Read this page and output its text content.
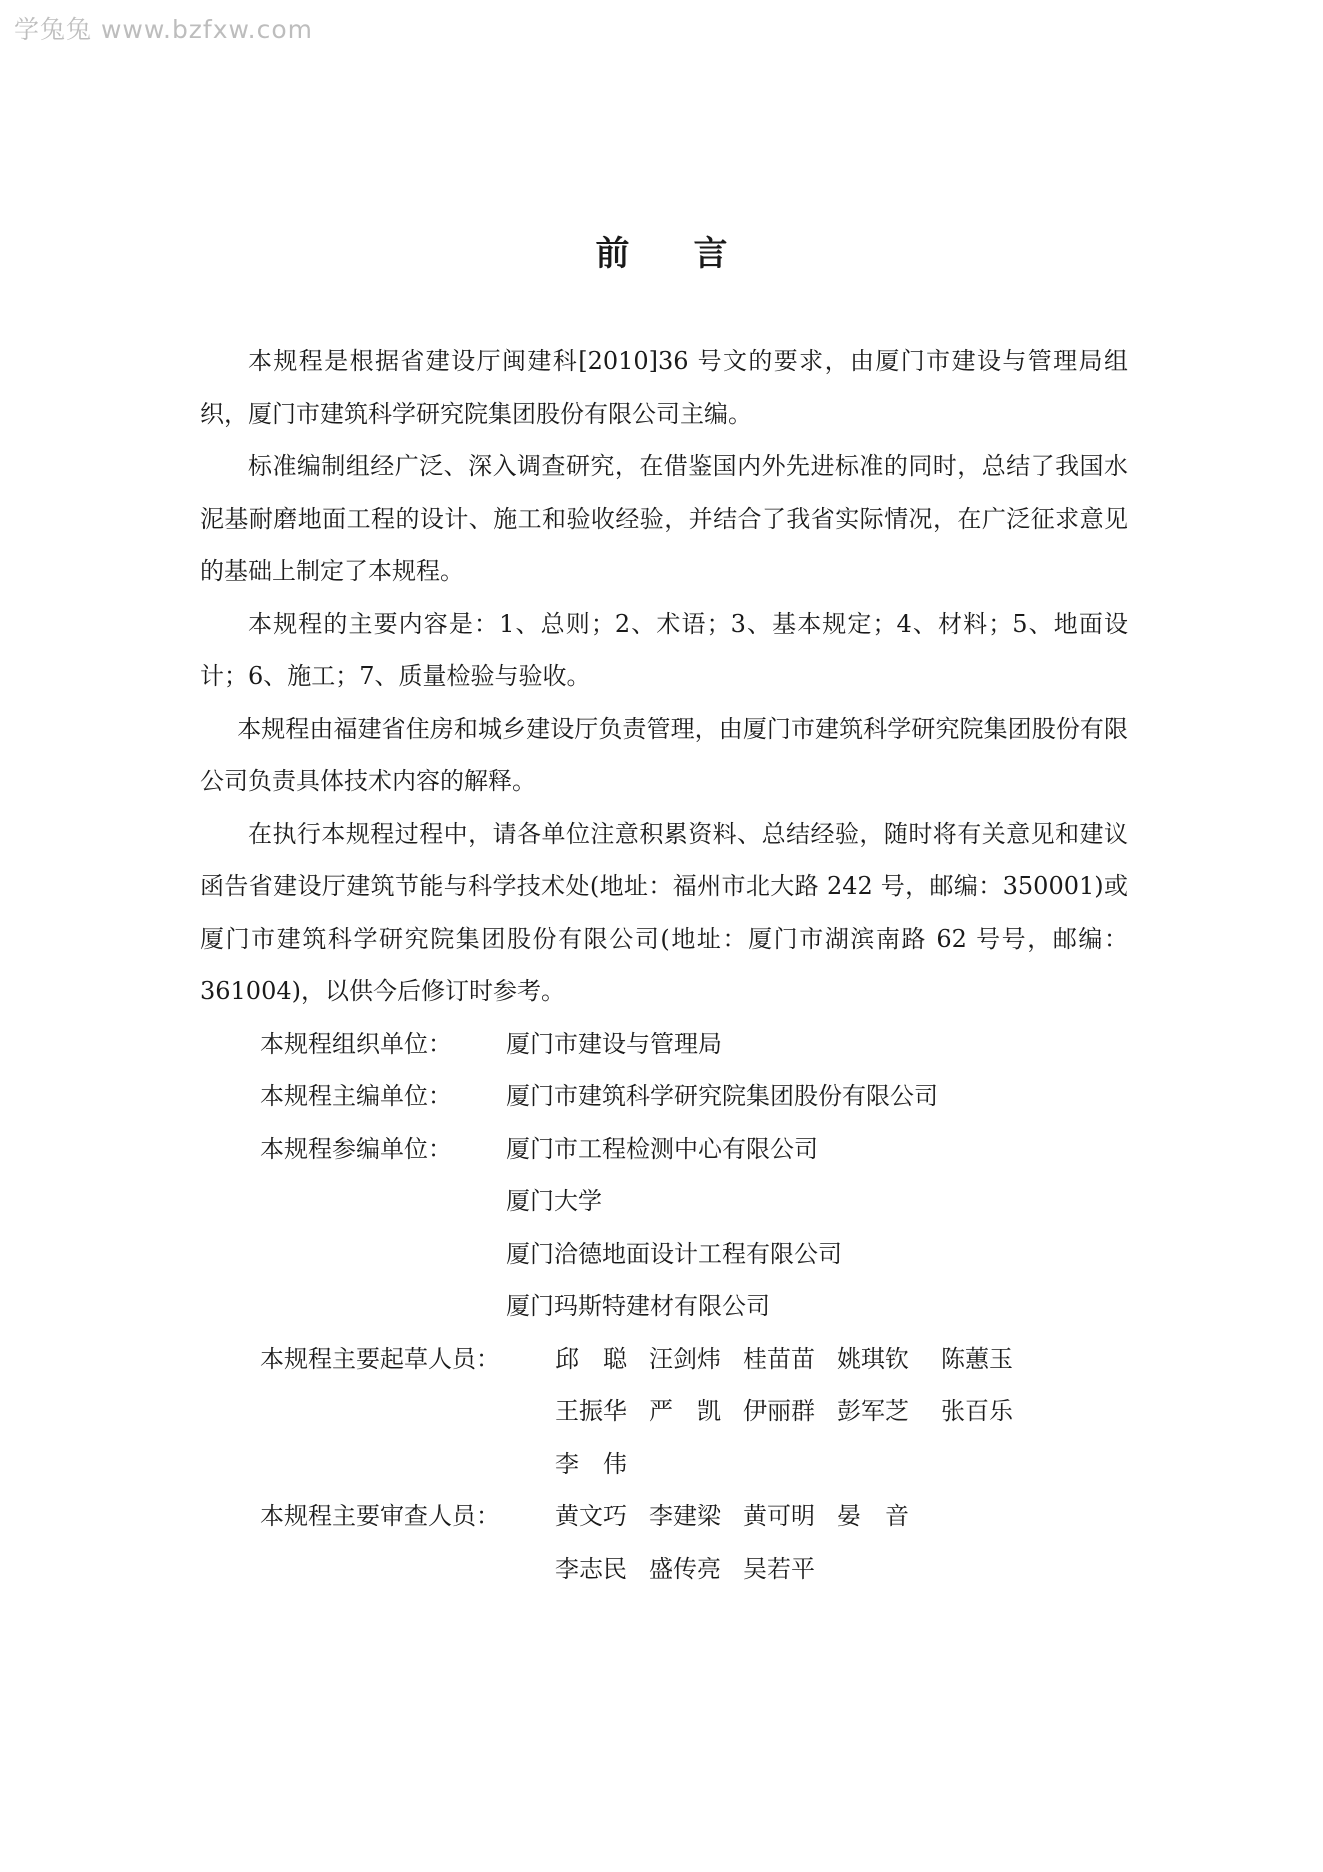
学兔兔 www.bzfxw.com
前 言

本规程是根据省建设厅闽建科[2010]36 号文的要求，由厦门市建设与管理局组织，厦门市建筑科学研究院集团股份有限公司主编。

标准编制组经广泛、深入调查研究，在借鉴国内外先进标准的同时，总结了我国水泥基耐磨地面工程的设计、施工和验收经验，并结合了我省实际情况，在广泛征求意见的基础上制定了本规程。

本规程的主要内容是：1、总则；2、术语；3、基本规定；4、材料；5、地面设计；6、施工；7、质量检验与验收。

本规程由福建省住房和城乡建设厅负责管理，由厦门市建筑科学研究院集团股份有限公司负责具体技术内容的解释。

在执行本规程过程中，请各单位注意积累资料、总结经验，随时将有关意见和建议函告省建设厅建筑节能与科学技术处(地址：福州市北大路 242 号，邮编：350001)或厦门市建筑科学研究院集团股份有限公司(地址：厦门市湖滨南路 62 号号，邮编：361004)，以供今后修订时参考。

本规程组织单位：	厦门市建设与管理局
本规程主编单位：	厦门市建筑科学研究院集团股份有限公司
本规程参编单位：	厦门市工程检测中心有限公司
厦门大学
厦门洽德地面设计工程有限公司
厦门玛斯特建材有限公司
本规程主要起草人员：	邱　聪 汪剑炜 桂苗苗 姚琪钦	陈蕙玉
王振华 严　凯 伊丽群 彭军芝	张百乐
李　伟
本规程主要审查人员：	黄文巧 李建梁 黄可明 晏　音
李志民 盛传亮 吴若平
